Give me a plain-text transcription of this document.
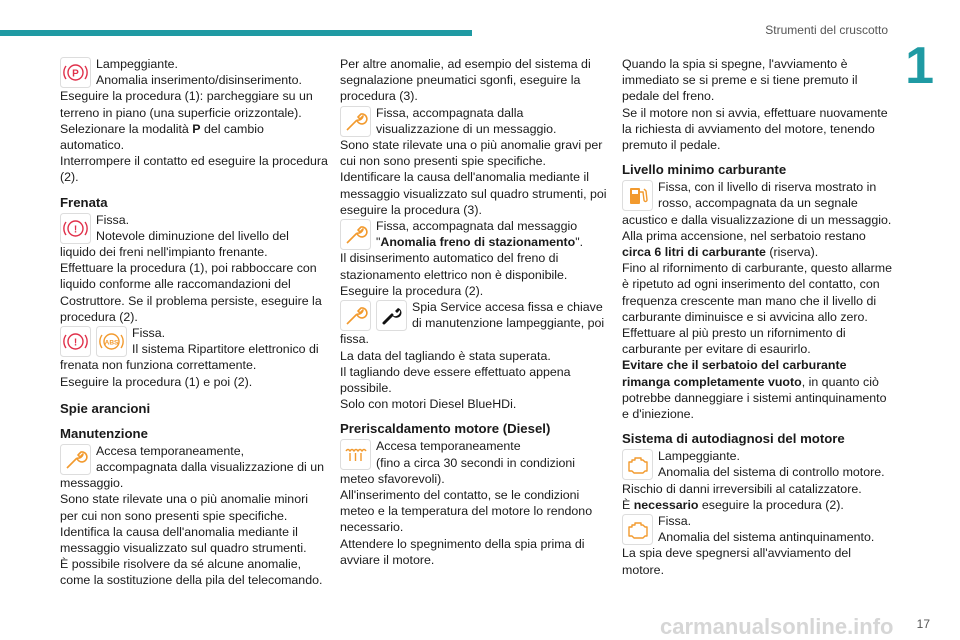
Strumenti del cruscotto
1
17
carmanualsonline.info
P

Lampeggiante.

Anomalia inserimento/disinserimento.

Eseguire la procedura (1): parcheggiare su un terreno in piano (una superficie orizzontale).

Selezionare la modalità P del cambio automatico.

Interrompere il contatto ed eseguire la procedura (2).

Frenata
!

Fissa.

Notevole diminuzione del livello del liquido dei freni nell'impianto frenante.

Effettuare la procedura (1), poi rabboccare con liquido conforme alle raccomandazioni del Costruttore. Se il problema persiste, eseguire la procedura (2).

!	ABS

Fissa.

Il sistema Ripartitore elettronico di frenata non funziona correttamente.

Eseguire la procedura (1) e poi (2).

Spie arancioni
Manutenzione

Accesa temporaneamente,

accompagnata dalla visualizzazione di un messaggio.

Sono state rilevate una o più anomalie minori per cui non sono presenti spie specifiche.

Identifica la causa dell'anomalia mediante il messaggio visualizzato sul quadro strumenti.

È possibile risolvere da sé alcune anomalie, come la sostituzione della pila del telecomando.

Per altre anomalie, ad esempio del sistema di segnalazione pneumatici sgonfi, eseguire la procedura (3).

Fissa, accompagnata dalla

visualizzazione di un messaggio.

Sono state rilevate una o più anomalie gravi per cui non sono presenti spie specifiche.

Identificare la causa dell'anomalia mediante il messaggio visualizzato sul quadro strumenti, poi eseguire la procedura (3).

Fissa, accompagnata dal messaggio

"Anomalia freno di stazionamento".

Il disinserimento automatico del freno di stazionamento elettrico non è disponibile.

Eseguire la procedura (2).

Spia Service accesa fissa e chiave

di manutenzione lampeggiante, poi fissa.

La data del tagliando è stata superata.

Il tagliando deve essere effettuato appena possibile.

Solo con motori Diesel BlueHDi.

Preriscaldamento motore (Diesel)

Accesa temporaneamente

(fino a circa 30 secondi in condizioni meteo sfavorevoli).

All'inserimento del contatto, se le condizioni meteo e la temperatura del motore lo rendono necessario.

Attendere lo spegnimento della spia prima di avviare il motore.

Quando la spia si spegne, l'avviamento è immediato se si preme e si tiene premuto il pedale del freno.

Se il motore non si avvia, effettuare nuovamente la richiesta di avviamento del motore, tenendo premuto il pedale.

Livello minimo carburante

Fissa, con il livello di riserva mostrato in

rosso, accompagnata da un segnale acustico e dalla visualizzazione di un messaggio.

Alla prima accensione, nel serbatoio restano circa 6 litri di carburante (riserva).

Fino al rifornimento di carburante, questo allarme è ripetuto ad ogni inserimento del contatto, con frequenza crescente man mano che il livello di carburante diminuisce e si avvicina allo zero.

Effettuare al più presto un rifornimento di carburante per evitare di esaurirlo.

Evitare che il serbatoio del carburante rimanga completamente vuoto, in quanto ciò potrebbe danneggiare i sistemi antinquinamento e d'iniezione.

Sistema di autodiagnosi del motore

Lampeggiante.

Anomalia del sistema di controllo motore.

Rischio di danni irreversibili al catalizzatore.

È necessario eseguire la procedura (2).

Fissa.

Anomalia del sistema antinquinamento.

La spia deve spegnersi all'avviamento del motore.
